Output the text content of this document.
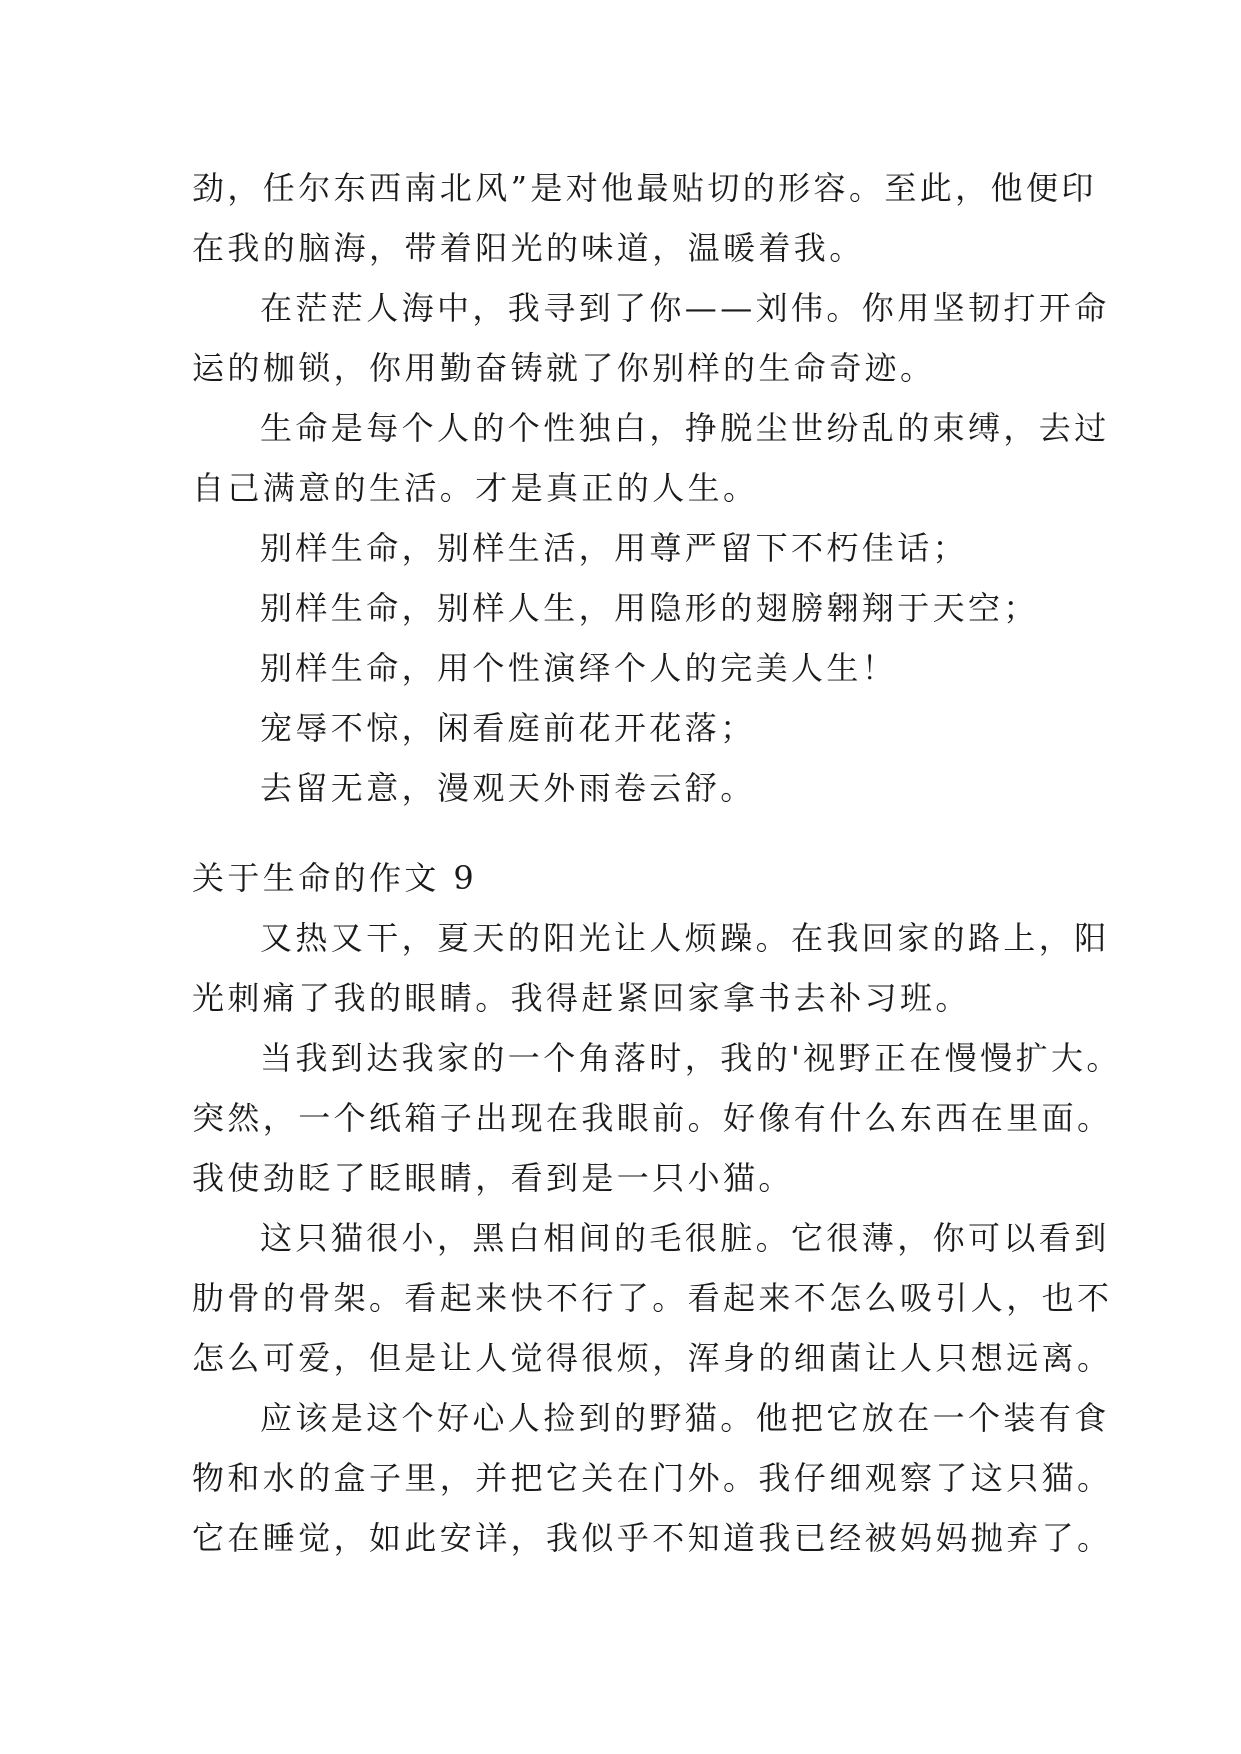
劲，任尔东西南北风”是对他最贴切的形容。至此，他便印
在我的脑海，带着阳光的味道，温暖着我。
在茫茫人海中，我寻到了你——刘伟。你用坚韧打开命
运的枷锁，你用勤奋铸就了你别样的生命奇迹。
生命是每个人的个性独白，挣脱尘世纷乱的束缚，去过
自己满意的生活。才是真正的人生。
别样生命，别样生活，用尊严留下不朽佳话；
别样生命，别样人生，用隐形的翅膀翱翔于天空；
别样生命，用个性演绎个人的完美人生！
宠辱不惊，闲看庭前花开花落；
去留无意，漫观天外雨卷云舒。
关于生命的作文 9
又热又干，夏天的阳光让人烦躁。在我回家的路上，阳
光刺痛了我的眼睛。我得赶紧回家拿书去补习班。
当我到达我家的一个角落时，我的'视野正在慢慢扩大。
突然，一个纸箱子出现在我眼前。好像有什么东西在里面。
我使劲眨了眨眼睛，看到是一只小猫。
这只猫很小，黑白相间的毛很脏。它很薄，你可以看到
肋骨的骨架。看起来快不行了。看起来不怎么吸引人，也不
怎么可爱，但是让人觉得很烦，浑身的细菌让人只想远离。
应该是这个好心人捡到的野猫。他把它放在一个装有食
物和水的盒子里，并把它关在门外。我仔细观察了这只猫。
它在睡觉，如此安详，我似乎不知道我已经被妈妈抛弃了。
